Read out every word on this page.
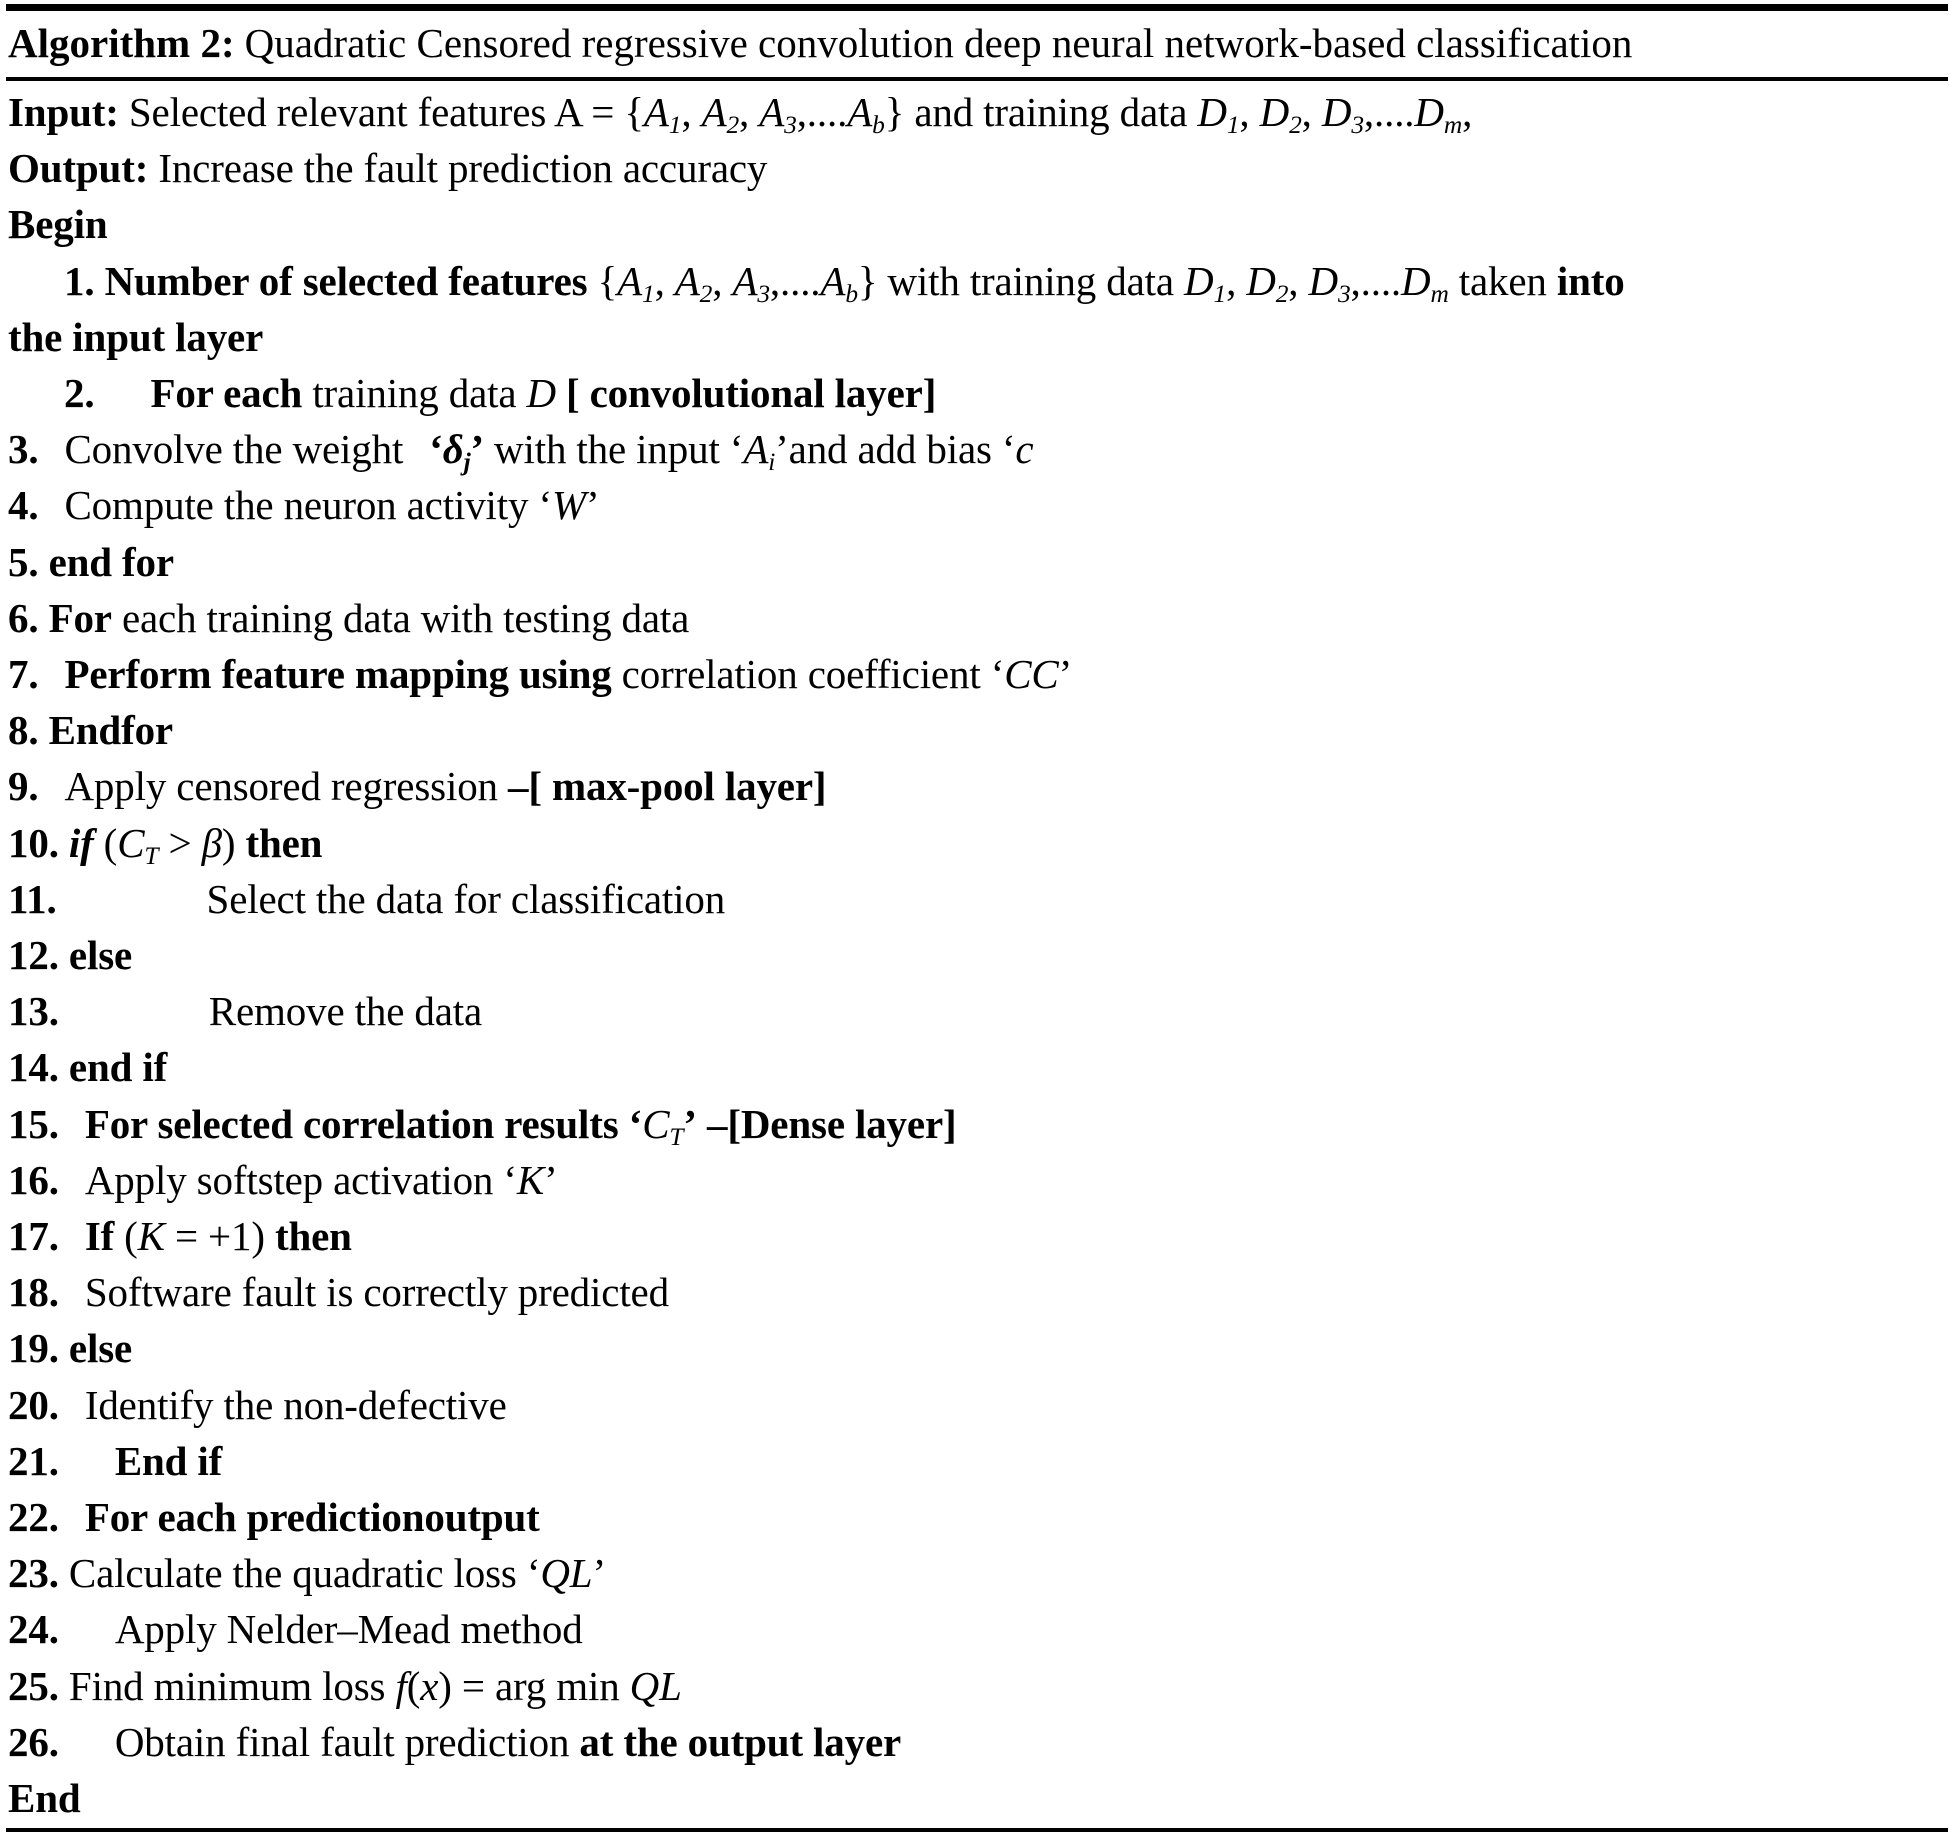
Algorithm 2: Quadratic Censored regressive convolution deep neural network-based classification
Input: Selected relevant features $A = \{A_1$, $A_2$, $A_3,....A_b$} and training data $D_1$, $D_2$, $D_3,....D_m$,
Output: Increase the fault prediction accuracy
Begin
1. Number of selected features {$A_1$, $A_2$, $A_3,....A_b$} with training data $D_1$, $D_2$, $D_3,....D_m$ taken into
the input layer
2. For each training data D [ convolutional layer]
3. Convolve the weight ‘$\delta_j$’ with the input ‘$A_i’and$ add bias ‘c
4. Compute the neuron activity ‘W’
5. end for
6. For each training data with testing data
7. Perform feature mapping using correlation coefficient ‘CC’
8. Endfor
9. Apply censored regression –[ max-pool layer]
10. if $(C_T > \beta)$ then
11.	Select the data for classification
12. else
13.	Remove the data
14. end if
15. For selected correlation results ‘$C_T$’ –[Dense layer]
16. Apply softstep activation ‘K’
17. If (K = +1) then
18. Software fault is correctly predicted
19. else
20. Identify the non-defective
21. End if
22. For each predictionoutput
23. Calculate the quadratic loss ‘QL’
24. Apply Nelder–Mead method
25. Find minimum loss f(x) = arg min QL
26. Obtain final fault prediction at the output layer
End
